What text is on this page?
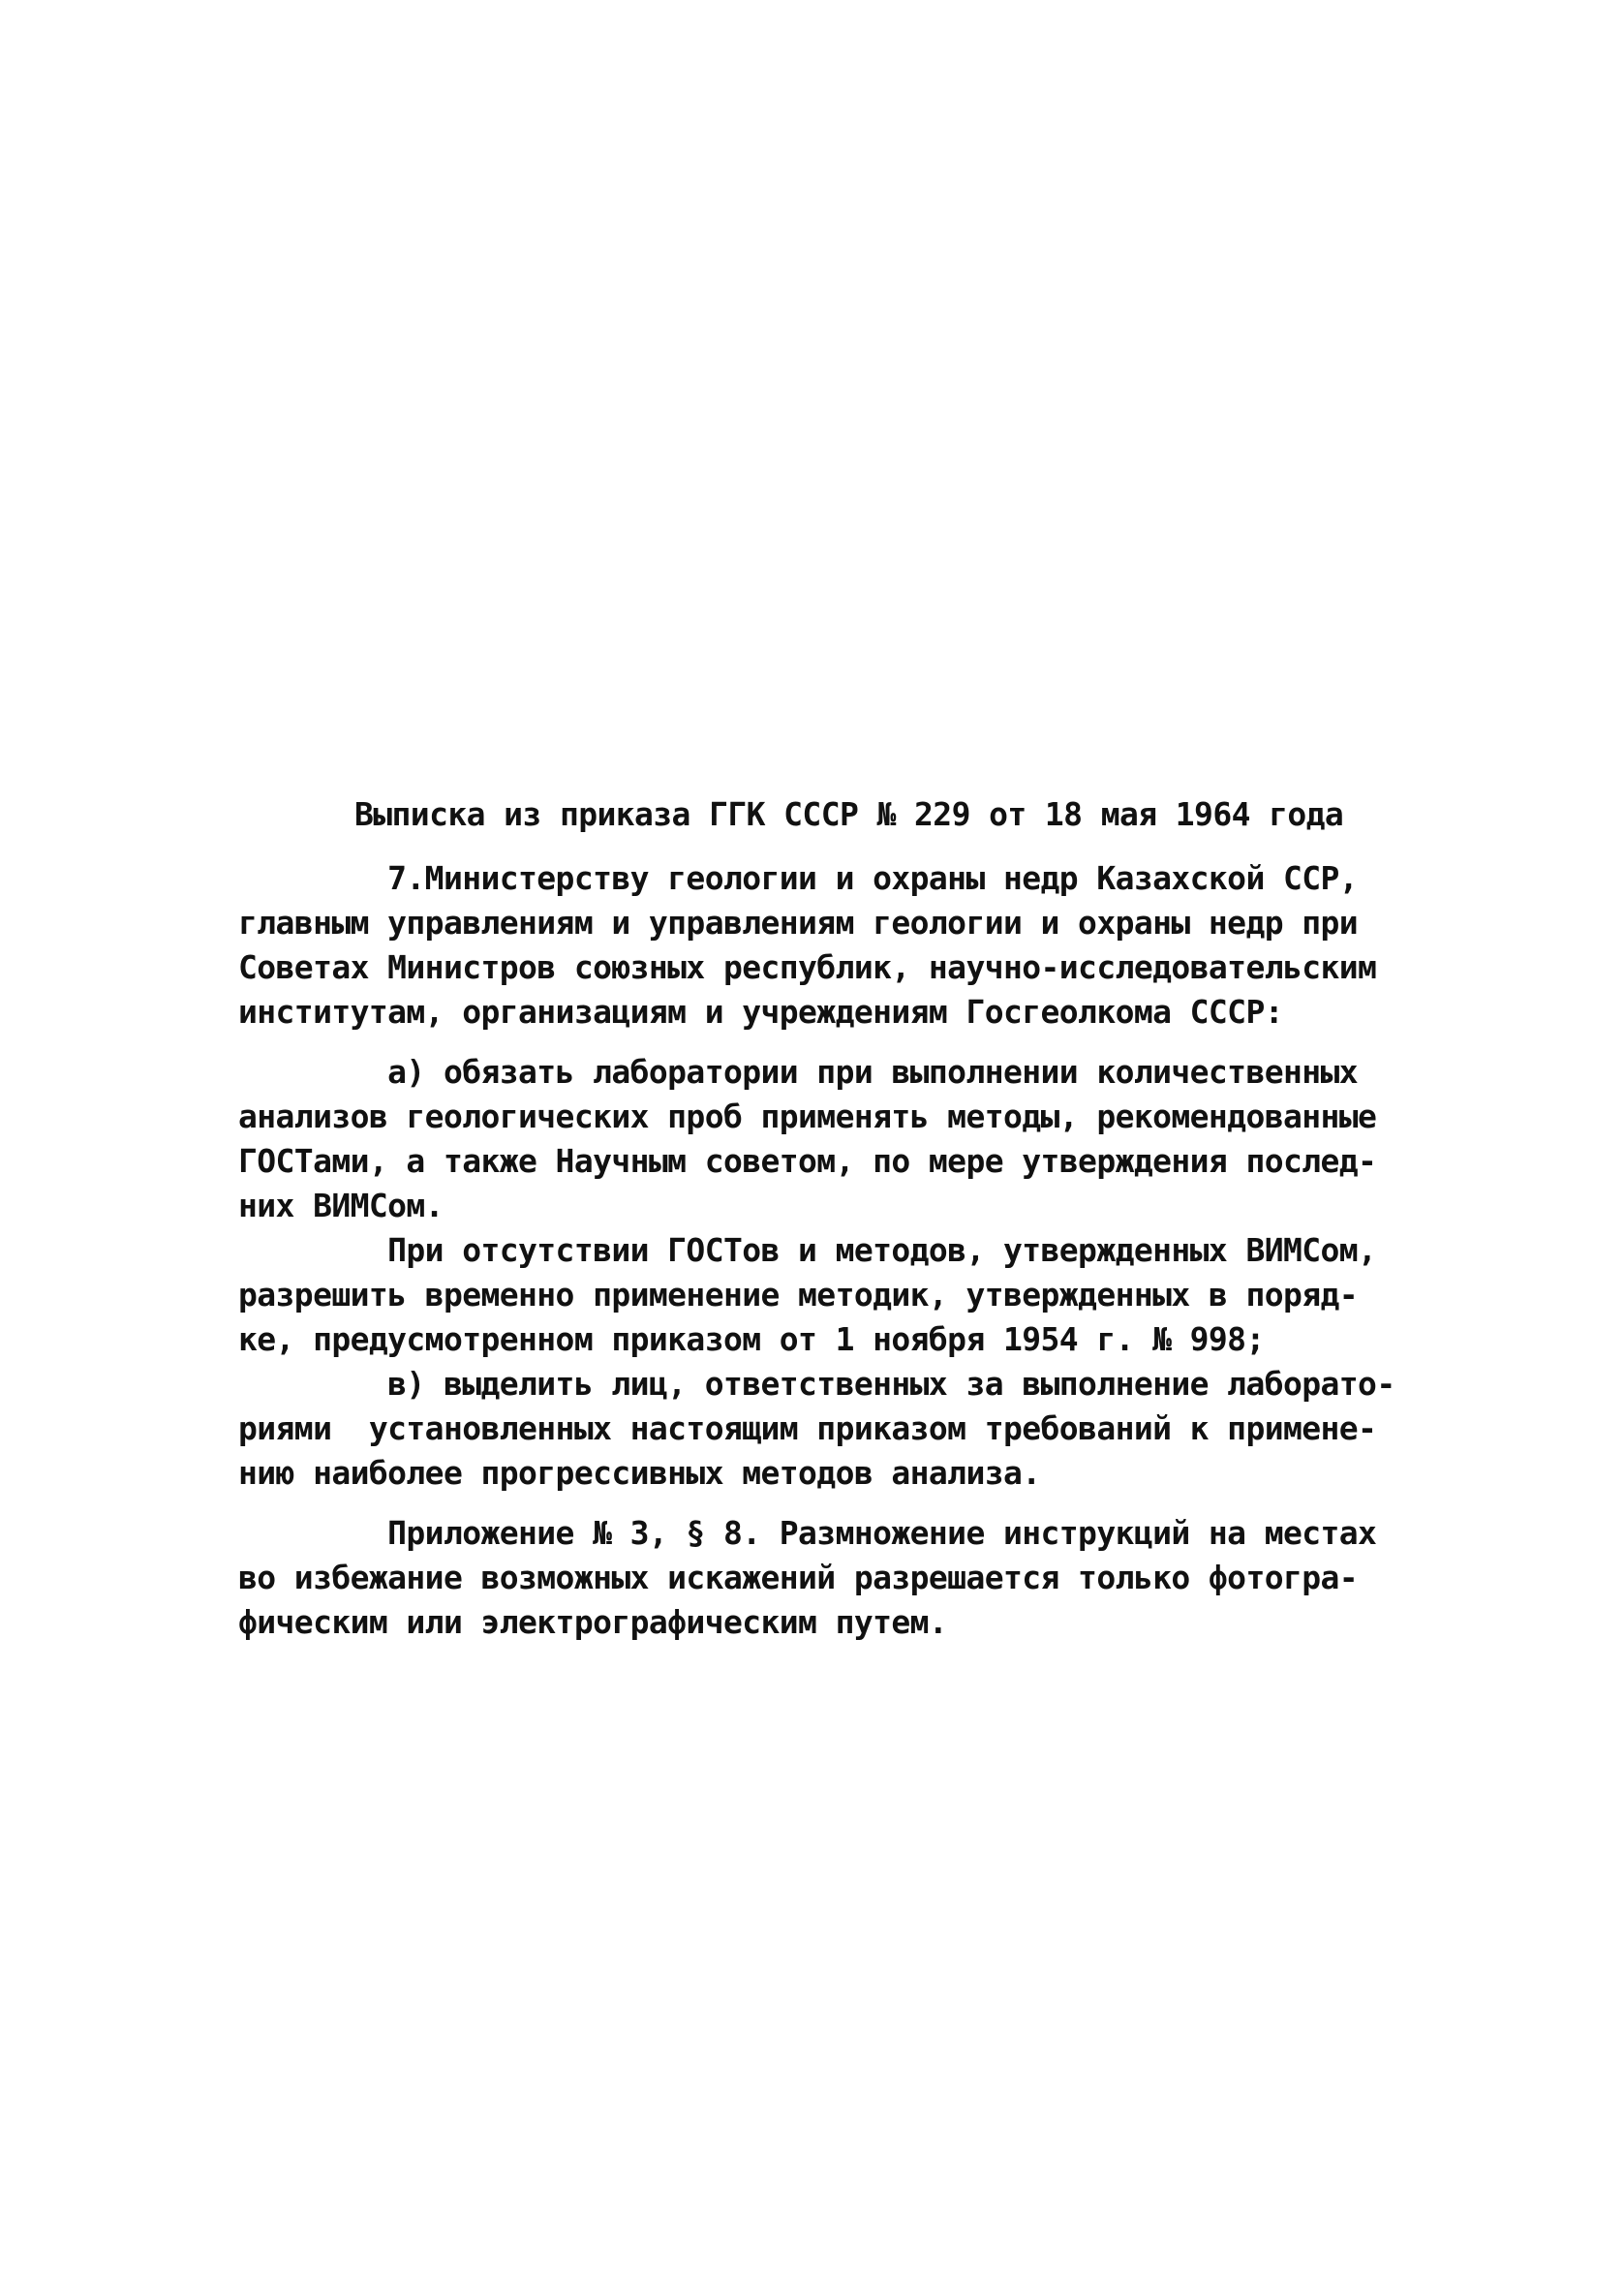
Выписка из приказа ГГК СССР № 229 от 18 мая 1964 года
7.Министерству геологии и охраны недр Казахской ССР,
главным управлениям и управлениям геологии и охраны недр при
Советах Министров союзных республик, научно-исследовательским
институтам, организациям и учреждениям Госгеолкома СССР:
а) обязать лаборатории при выполнении количественных
анализов геологических проб применять методы, рекомендованные
ГОСТами, а также Научным советом, по мере утверждения послед-
них ВИМСом.
При отсутствии ГОСТов и методов, утвержденных ВИМСом,
разрешить временно применение методик, утвержденных в поряд-
ке, предусмотренном приказом от 1 ноября 1954 г. № 998;
в) выделить лиц, ответственных за выполнение лаборато-
риями  установленных настоящим приказом требований к примене-
нию наиболее прогрессивных методов анализа.
Приложение № 3, § 8. Размножение инструкций на местах
во избежание возможных искажений разрешается только фотогра-
фическим или электрографическим путем.
